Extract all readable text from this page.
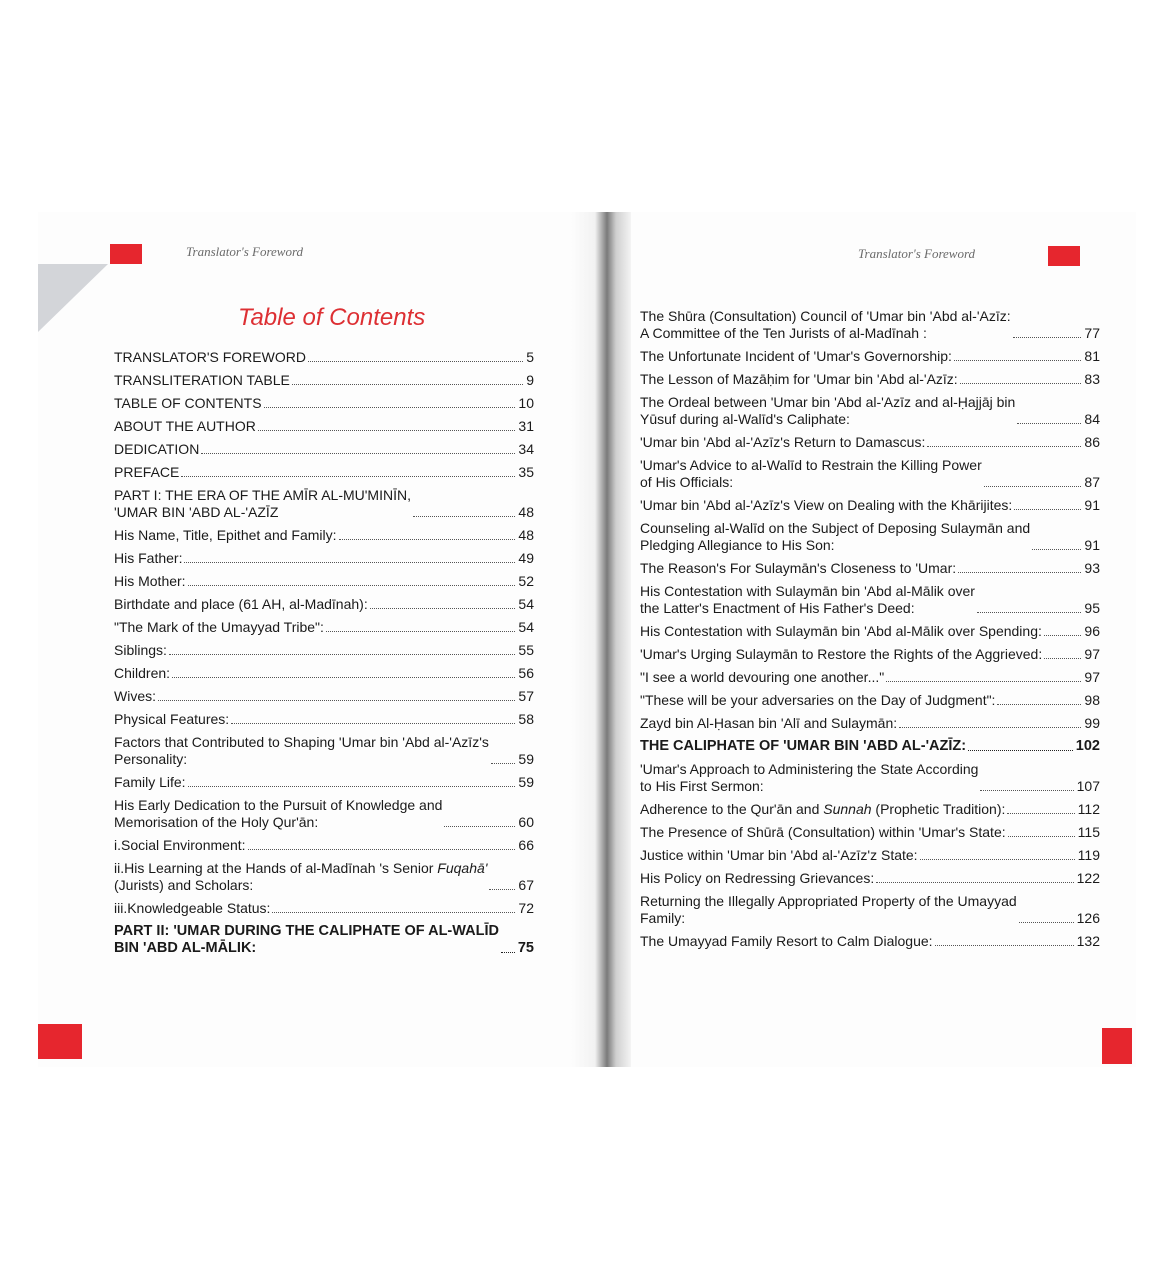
Translator's Foreword	Translator's Foreword
Table of Contents
TRANSLATOR'S FOREWORD	5
TRANSLITERATION TABLE	9
TABLE OF CONTENTS	10
ABOUT THE AUTHOR	31
DEDICATION	34
PREFACE	35
PART I: THE ERA OF THE AMĪR AL-MU'MINĪN,
'UMAR BIN 'ABD AL-'AZĪZ	48
His Name, Title, Epithet and Family:	48
His Father:	49
His Mother:	52
Birthdate and place (61 AH, al-Madīnah):	54
"The Mark of the Umayyad Tribe":	54
Siblings:	55
Children:	56
Wives:	57
Physical Features:	58
Factors that Contributed to Shaping 'Umar bin 'Abd al-'Azīz's
Personality:	59
Family Life:	59
His Early Dedication to the Pursuit of Knowledge and
Memorisation of the Holy Qur'ān:	60
i.Social Environment:	66
ii.His Learning at the Hands of al-Madīnah 's Senior Fuqahā'
(Jurists) and Scholars:	67
iii.Knowledgeable Status:	72
PART II: 'UMAR DURING THE CALIPHATE OF AL-WALĪD
BIN 'ABD AL-MĀLIK:	75
The Shūra (Consultation) Council of 'Umar bin 'Abd al-'Azīz:
A Committee of the Ten Jurists of al-Madīnah :	77
The Unfortunate Incident of 'Umar's Governorship:	81
The Lesson of Mazāḥim for 'Umar bin 'Abd al-'Azīz:	83
The Ordeal between 'Umar bin 'Abd al-'Azīz and al-Ḥajjāj bin
Yūsuf during al-Walīd's Caliphate:	84
'Umar bin 'Abd al-'Azīz's Return to Damascus:	86
'Umar's Advice to al-Walīd to Restrain the Killing Power
of His Officials:	87
'Umar bin 'Abd al-'Azīz's View on Dealing with the Khārijites:	91
Counseling al-Walīd on the Subject of Deposing Sulaymān and
Pledging Allegiance to His Son:	91
The Reason's For Sulaymān's Closeness to 'Umar:	93
His Contestation with Sulaymān bin 'Abd al-Mālik over
the Latter's Enactment of His Father's Deed:	95
His Contestation with Sulaymān bin 'Abd al-Mālik over Spending:	96
'Umar's Urging Sulaymān to Restore the Rights of the Aggrieved:	97
"I see a world devouring one another..."	97
"These will be your adversaries on the Day of Judgment":	98
Zayd bin Al-Ḥasan bin 'Alī and Sulaymān:	99
THE CALIPHATE OF 'UMAR BIN 'ABD AL-'AZĪZ:	102
'Umar's Approach to Administering the State According
to His First Sermon:	107
Adherence to the Qur'ān and Sunnah (Prophetic Tradition):	112
The Presence of Shūrā (Consultation) within 'Umar's State:	115
Justice within 'Umar bin 'Abd al-'Azīz'z State:	119
His Policy on Redressing Grievances:	122
Returning the Illegally Appropriated Property of the Umayyad
Family:	126
The Umayyad Family Resort to Calm Dialogue:	132
